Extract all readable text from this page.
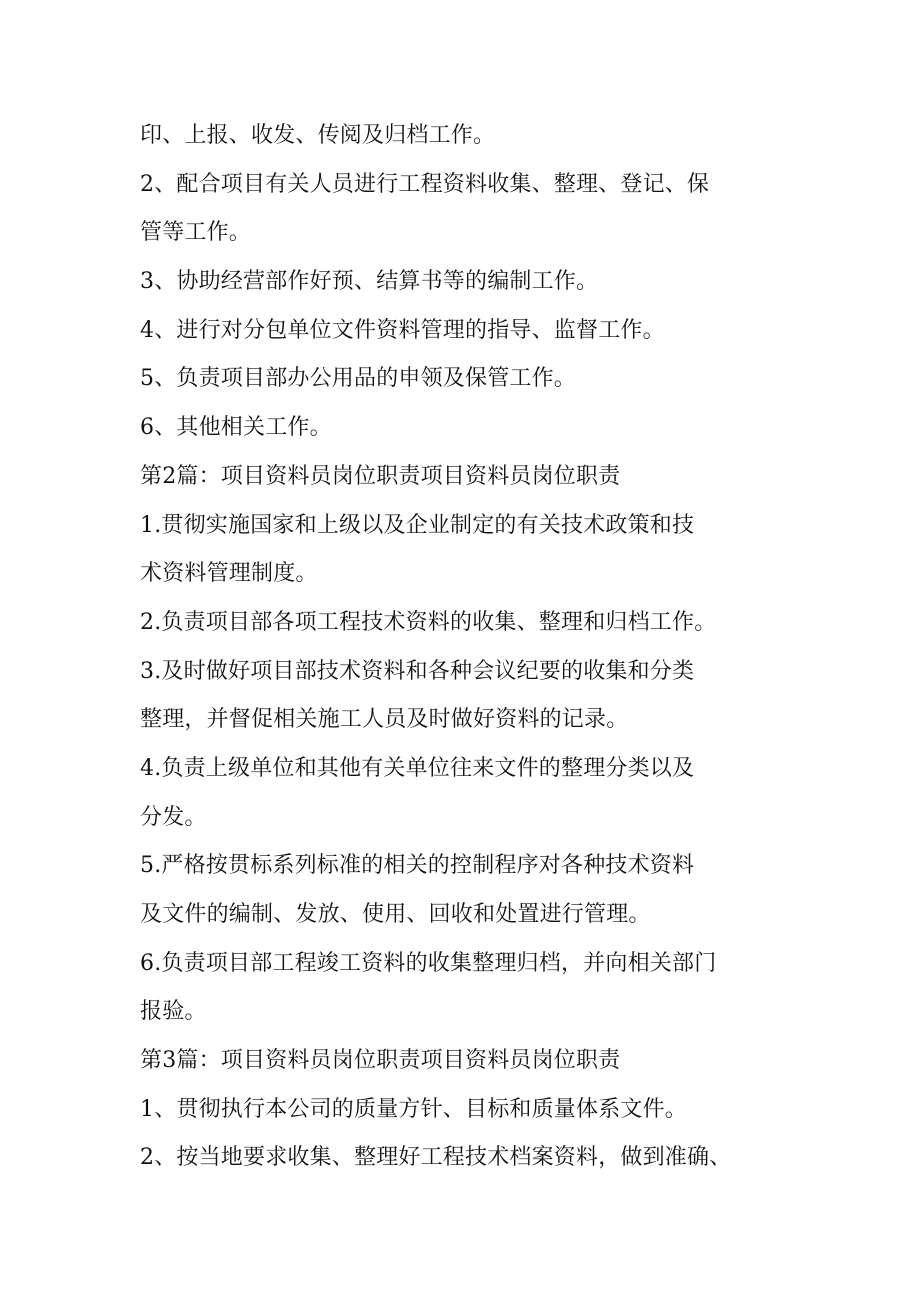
印、上报、收发、传阅及归档工作。
2、配合项目有关人员进行工程资料收集、整理、登记、保
管等工作。
3、协助经营部作好预、结算书等的编制工作。
4、进行对分包单位文件资料管理的指导、监督工作。
5、负责项目部办公用品的申领及保管工作。
6、其他相关工作。
第2篇：项目资料员岗位职责项目资料员岗位职责
1.贯彻实施国家和上级以及企业制定的有关技术政策和技
术资料管理制度。
2.负责项目部各项工程技术资料的收集、整理和归档工作。
3.及时做好项目部技术资料和各种会议纪要的收集和分类
整理，并督促相关施工人员及时做好资料的记录。
4.负责上级单位和其他有关单位往来文件的整理分类以及
分发。
5.严格按贯标系列标准的相关的控制程序对各种技术资料
及文件的编制、发放、使用、回收和处置进行管理。
6.负责项目部工程竣工资料的收集整理归档，并向相关部门
报验。
第3篇：项目资料员岗位职责项目资料员岗位职责
1、贯彻执行本公司的质量方针、目标和质量体系文件。
2、按当地要求收集、整理好工程技术档案资料，做到准确、
